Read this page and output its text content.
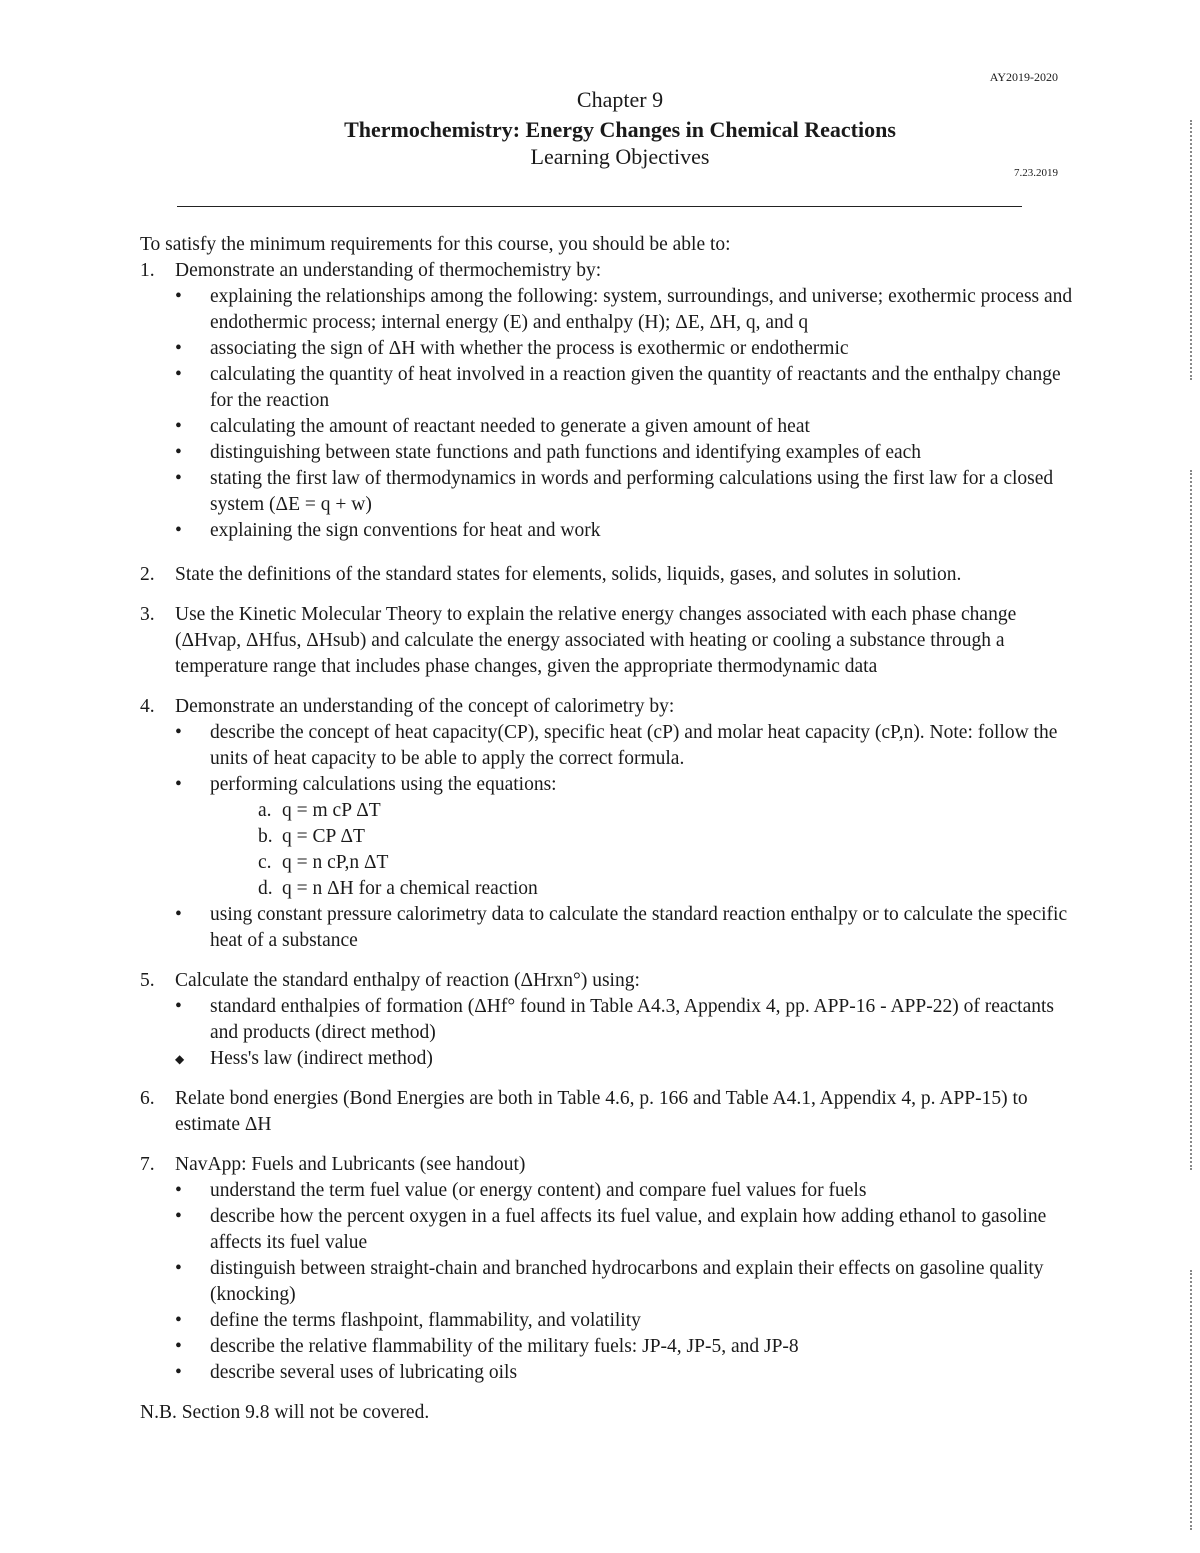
AY2019-2020
Chapter 9
Thermochemistry: Energy Changes in Chemical Reactions
Learning Objectives
7.23.2019

To satisfy the minimum requirements for this course, you should be able to:

1. Demonstrate an understanding of thermochemistry by:
• explaining the relationships among the following: system, surroundings, and universe; exothermic process and endothermic process; internal energy (E) and enthalpy (H); ΔE, ΔH, q, and q
• associating the sign of ΔH with whether the process is exothermic or endothermic
• calculating the quantity of heat involved in a reaction given the quantity of reactants and the enthalpy change for the reaction
• calculating the amount of reactant needed to generate a given amount of heat
• distinguishing between state functions and path functions and identifying examples of each
• stating the first law of thermodynamics in words and performing calculations using the first law for a closed system (ΔE = q + w)
• explaining the sign conventions for heat and work
2. State the definitions of the standard states for elements, solids, liquids, gases, and solutes in solution.
3. Use the Kinetic Molecular Theory to explain the relative energy changes associated with each phase change (ΔHvap, ΔHfus, ΔHsub) and calculate the energy associated with heating or cooling a substance through a temperature range that includes phase changes, given the appropriate thermodynamic data
4. Demonstrate an understanding of the concept of calorimetry by:
• describe the concept of heat capacity(CP), specific heat (cP) and molar heat capacity (cP,n). Note: follow the units of heat capacity to be able to apply the correct formula.
• performing calculations using the equations:
a. q = m cP ΔT
b. q = CP ΔT
c. q = n cP,n ΔT
d. q = n ΔH for a chemical reaction
• using constant pressure calorimetry data to calculate the standard reaction enthalpy or to calculate the specific heat of a substance
5. Calculate the standard enthalpy of reaction (ΔHrxn°) using:
• standard enthalpies of formation (ΔHf° found in Table A4.3, Appendix 4, pp. APP-16 - APP-22) of reactants and products (direct method)
◆ Hess's law (indirect method)
6. Relate bond energies (Bond Energies are both in Table 4.6, p. 166 and Table A4.1, Appendix 4, p. APP-15) to estimate ΔH
7. NavApp: Fuels and Lubricants (see handout)
• understand the term fuel value (or energy content) and compare fuel values for fuels
• describe how the percent oxygen in a fuel affects its fuel value, and explain how adding ethanol to gasoline affects its fuel value
• distinguish between straight-chain and branched hydrocarbons and explain their effects on gasoline quality (knocking)
• define the terms flashpoint, flammability, and volatility
• describe the relative flammability of the military fuels: JP-4, JP-5, and JP-8
• describe several uses of lubricating oils
N.B. Section 9.8 will not be covered.
